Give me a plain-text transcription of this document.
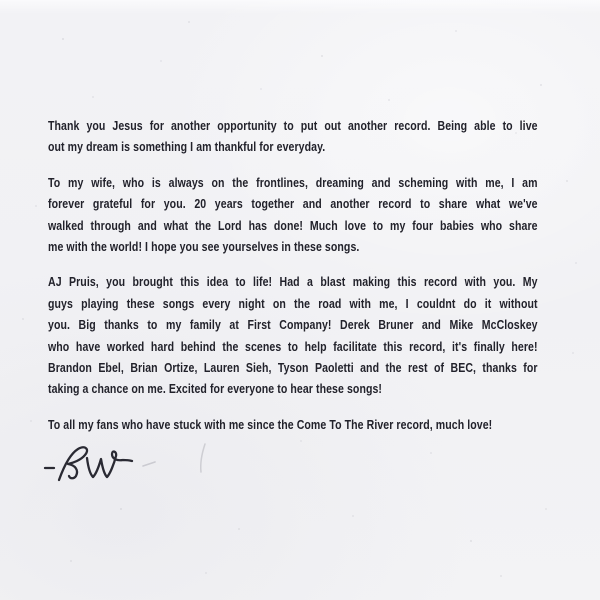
Thank you Jesus for another opportunity to put out another record. Being able to live
out my dream is something I am thankful for everyday.
To my wife, who is always on the frontlines, dreaming and scheming with me, I am
forever grateful for you. 20 years together and another record to share what we've
walked through and what the Lord has done! Much love to my four babies who share
me with the world! I hope you see yourselves in these songs.
AJ Pruis, you brought this idea to life! Had a blast making this record with you. My
guys playing these songs every night on the road with me, I couldnt do it without
you. Big thanks to my family at First Company! Derek Bruner and Mike McCloskey
who have worked hard behind the scenes to help facilitate this record, it's finally here!
Brandon Ebel, Brian Ortize, Lauren Sieh, Tyson Paoletti and the rest of BEC, thanks for
taking a chance on me. Excited for everyone to hear these songs!
To all my fans who have stuck with me since the Come To The River record, much love!
